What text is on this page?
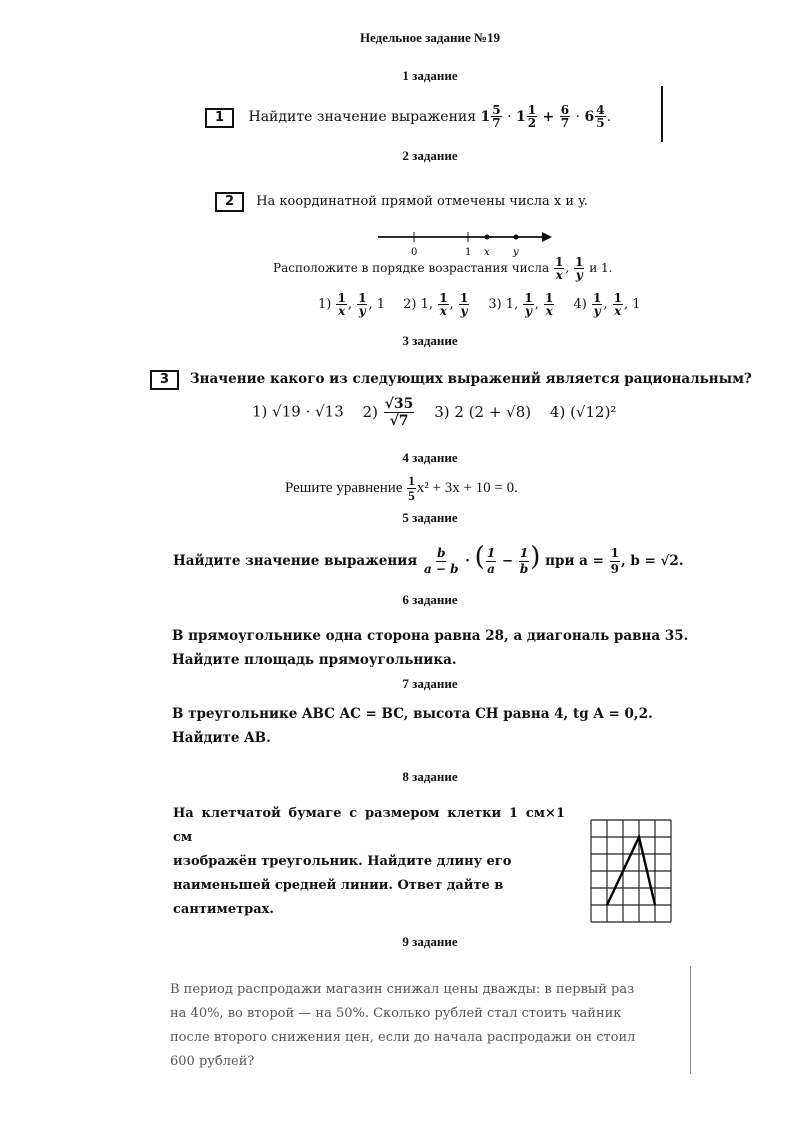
Недельное задание №19
1 задание
1 Найдите значение выражения $1 \frac{5}{7} \cdot 1 \frac{1}{2} + \frac{6}{7} \cdot 6 \frac{4}{5}$ .
2 задание
2 На координатной прямой отмечены числа x и y.
0	1 x y
Расположите в порядке возрастания числа $\frac{1}{x}$ , $\frac{1}{y}$ и 1.
$1) \frac{1}{x}$ , $\frac{1}{y}$ , 1 2) 1, $\frac{1}{x}$ , $\frac{1}{y} 3$) 1, $\frac{1}{y}$ , $\frac{1}{x} 4) \frac{1}{y}$ , $\frac{1}{x}$ , 1
3 задание
3 Значение какого из следующих выражений является рациональным?
1) √19 · √13 $2) \frac{√35}{√7} 3$) 2 (2 + √8) 4) (√12)²
4 задание
Решите уравнение $\frac{1}{5} x^2 + 3x + 10 = 0$.
5 задание
Найдите значение выражения $\frac{b}{a - b}$ · ( $\frac{1}{a} - \frac{1}{b}$ ) при $a = \frac{1}{9}$ , b = √2.
6 задание
В прямоугольнике одна сторона равна 28, а диагональ равна 35.
Найдите площадь прямоугольника.
7 задание
В треугольнике ABC AC = BC, высота CH равна 4, tg A = 0,2.
Найдите AB.
8 задание
На клетчатой бумаге с размером клетки 1 см×1 см
изображён треугольник. Найдите длину его
наименьшей средней линии. Ответ дайте в
сантиметрах.
9 задание
В период распродажи магазин снижал цены дважды: в первый раз
на 40%, во второй — на 50%. Сколько рублей стал стоить чайник
после второго снижения цен, если до начала распродажи он стоил
600 рублей?
